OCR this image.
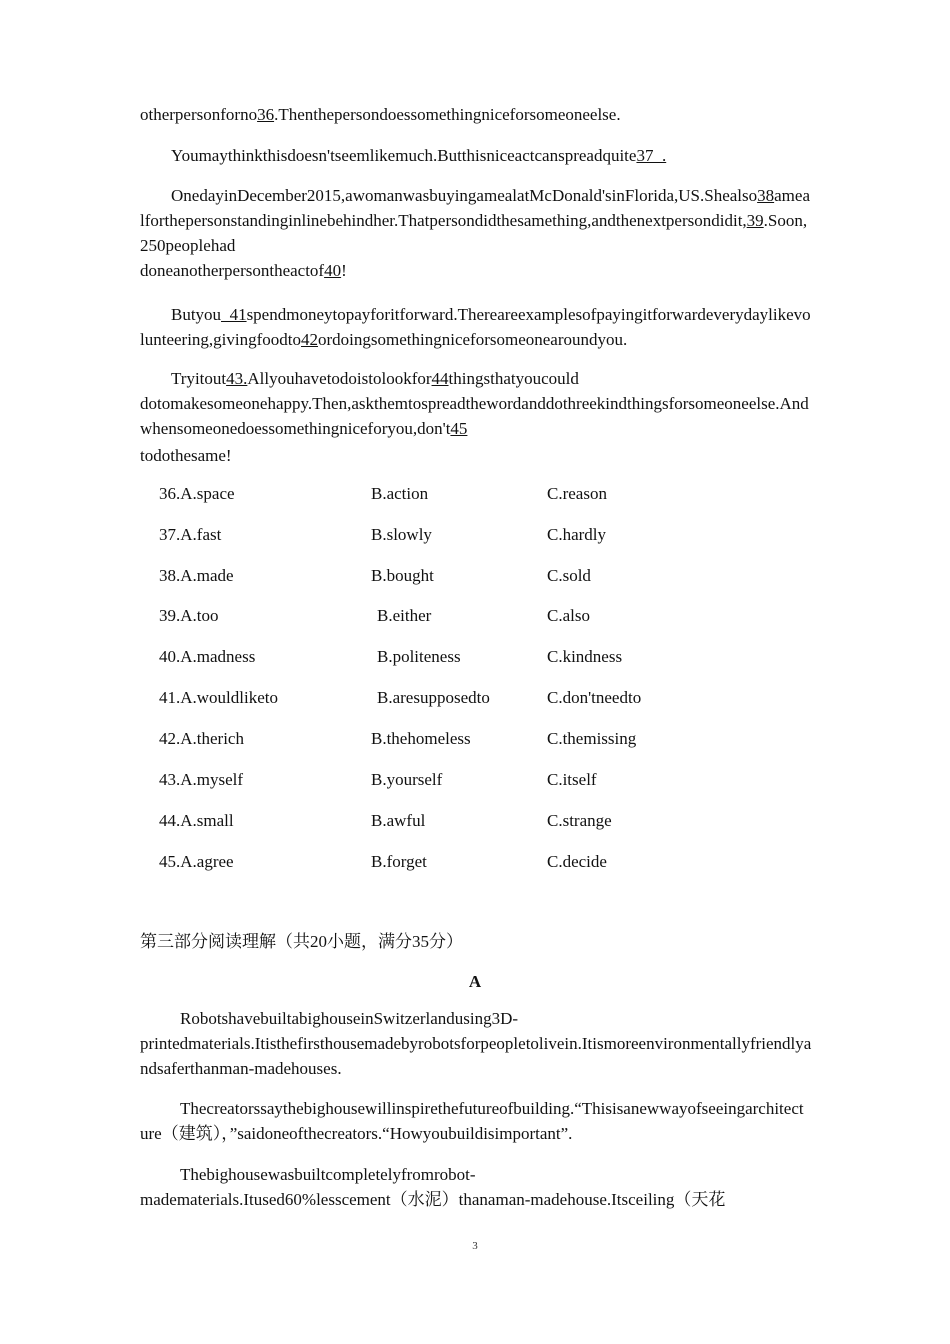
otherpersonforno36.Thenthepersondoessomethingniceforsomeoneelse.

Youmaythinkthisdoesn'tseemlikemuch.Butthisniceactcanspreadquite37_.

OnedayinDecember2015,awomanwasbuyingamealatMcDonald'sinFlorida,US.Shealso38amealforthepersonstandinginlinebehindher.Thatpersondidthesamething,andthenextpersondidit,39.Soon,250peoplehad
doneanotherpersontheactof40!

Butyou_41spendmoneytopayforitforward.Thereareexamplesofpayingitforwardeverydaylikevolunteering,givingfoodto42ordoingsomethingniceforsomeonearoundyou.

Tryitout43.Allyouhavetodoistolookfor44thingsthatyoucould
dotomakesomeonehappy.Then,askthemtospreadthewordanddothreekindthingsforsomeoneelse.Andwhensomeonedoessomethingniceforyou,don't45
todothesame!
36.A.space	B.action	C.reason
37.A.fast	B.slowly	C.hardly
38.A.made	B.bought	C.sold
39.A.too	B.either	C.also
40.A.madness	B.politeness	C.kindness
41.A.wouldliketo	B.aresupposedto	C.don'tneedto
42.A.therich	B.thehomeless	C.themissing
43.A.myself	B.yourself	C.itself
44.A.small	B.awful	C.strange
45.A.agree	B.forget	C.decide
第三部分阅读理解（共20小题，满分35分）
A
RobotshavebuiltabighouseinSwitzerlandusing3D-
printedmaterials.Itisthefirsthousemadebyrobotsforpeopletolivein.Itismoreenvironmentallyfriendlyandsaferthanman-madehouses.

Thecreatorssaythebighousewillinspirethefutureofbuilding.“Thisisanewwayofseeingarchitecture（建筑），”saidoneofthecreators.“Howyoubuildisimportant”.

Thebighousewasbuiltcompletelyfromrobot-
madematerials.Itused60%lesscement（水泥）thanaman-madehouse.Itsceiling（天花
3
